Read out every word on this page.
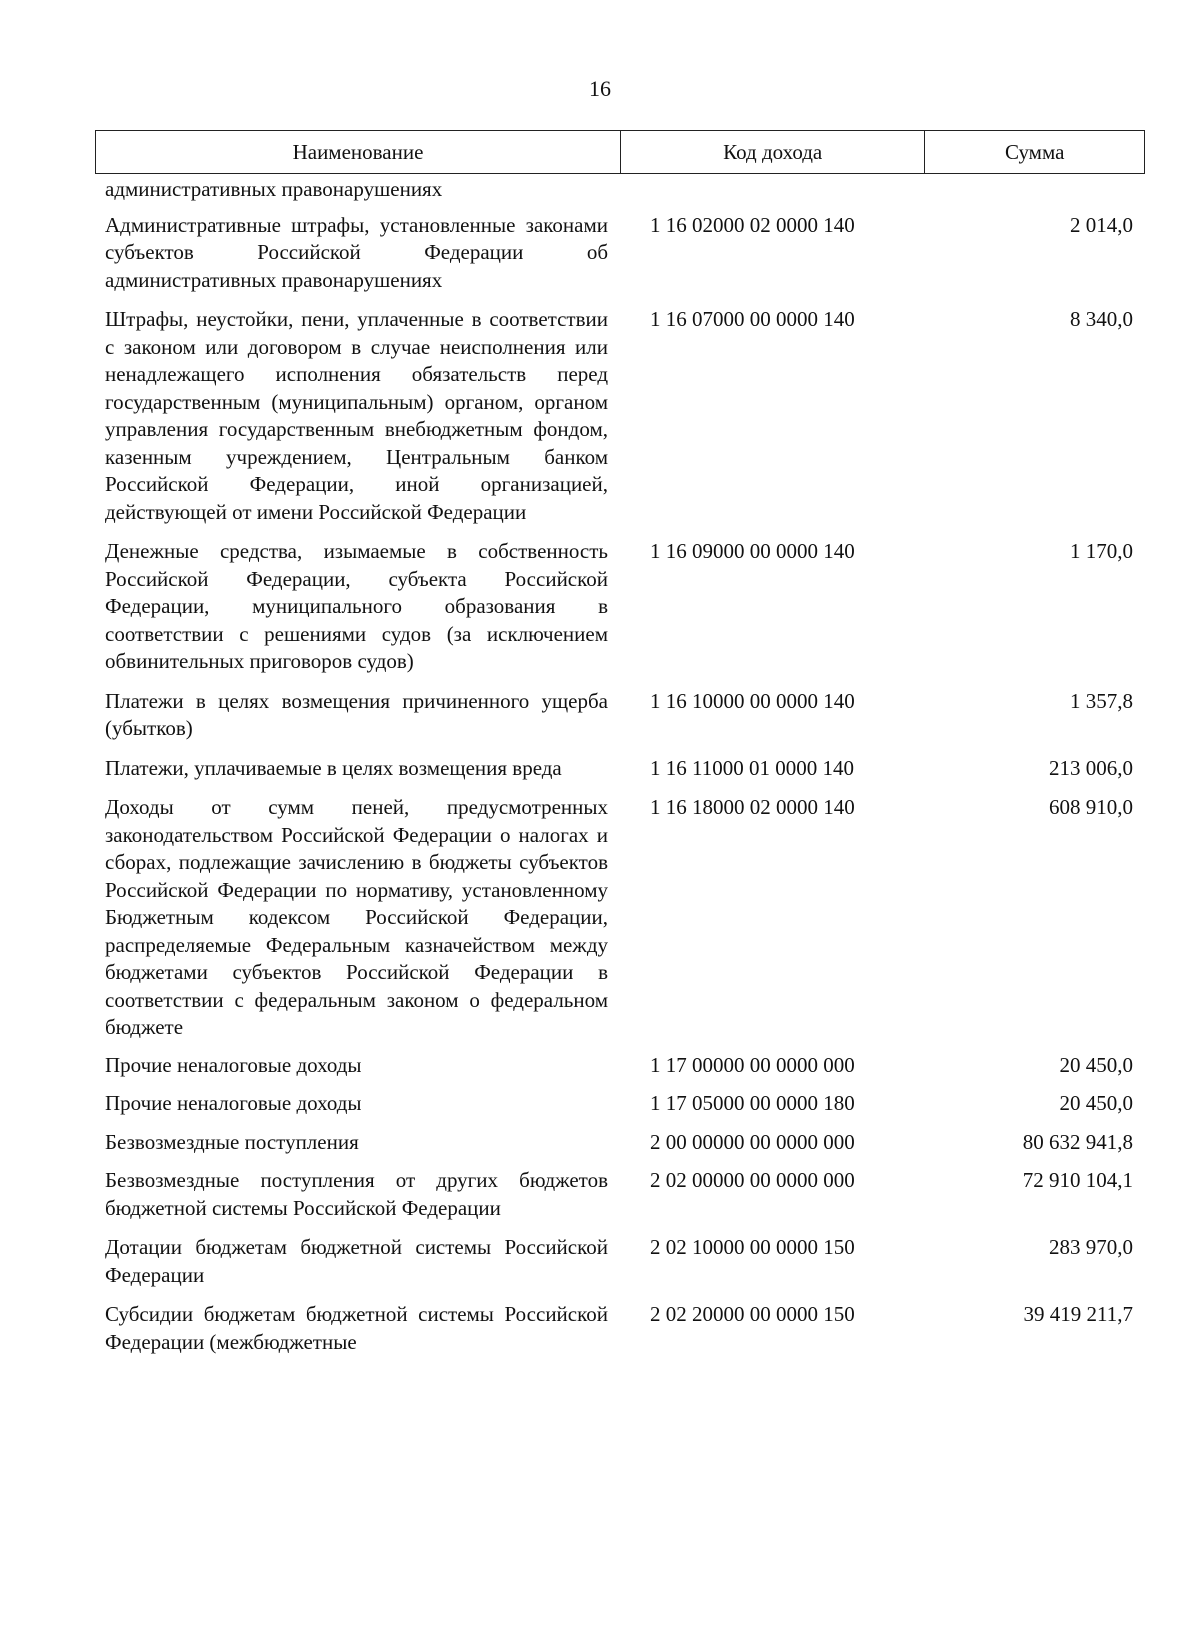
16
Наименование	Код дохода	Сумма
административных правонарушениях
Административные штрафы, установленные законами субъектов Российской Федерации об административных правонарушениях
1 16 02000 02 0000 140	2 014,0
Штрафы, неустойки, пени, уплаченные в соответствии с законом или договором в случае неисполнения или ненадлежащего исполнения обязательств перед государственным (муниципальным) органом, органом управления государственным внебюджетным фондом, казенным учреждением, Центральным банком Российской Федерации, иной организацией, действующей от имени Российской Федерации
1 16 07000 00 0000 140	8 340,0
Денежные средства, изымаемые в собственность Российской Федерации, субъекта Российской Федерации, муниципального образования в соответствии с решениями судов (за исключением обвинительных приговоров судов)
1 16 09000 00 0000 140	1 170,0
Платежи в целях возмещения причиненного ущерба (убытков)
1 16 10000 00 0000 140	1 357,8
Платежи, уплачиваемые в целях возмещения вреда	1 16 11000 01 0000 140	213 006,0
Доходы от сумм пеней, предусмотренных законодательством Российской Федерации о налогах и сборах, подлежащие зачислению в бюджеты субъектов Российской Федерации по нормативу, установленному Бюджетным кодексом Российской Федерации, распределяемые Федеральным казначейством между бюджетами субъектов Российской Федерации в соответствии с федеральным законом о федеральном бюджете
1 16 18000 02 0000 140	608 910,0
Прочие неналоговые доходы	1 17 00000 00 0000 000	20 450,0
Прочие неналоговые доходы	1 17 05000 00 0000 180	20 450,0
Безвозмездные поступления	2 00 00000 00 0000 000	80 632 941,8
Безвозмездные поступления от других бюджетов бюджетной системы Российской Федерации
2 02 00000 00 0000 000	72 910 104,1
Дотации бюджетам бюджетной системы Российской Федерации
2 02 10000 00 0000 150	283 970,0
Субсидии бюджетам бюджетной системы Российской Федерации (межбюджетные
2 02 20000 00 0000 150	39 419 211,7
